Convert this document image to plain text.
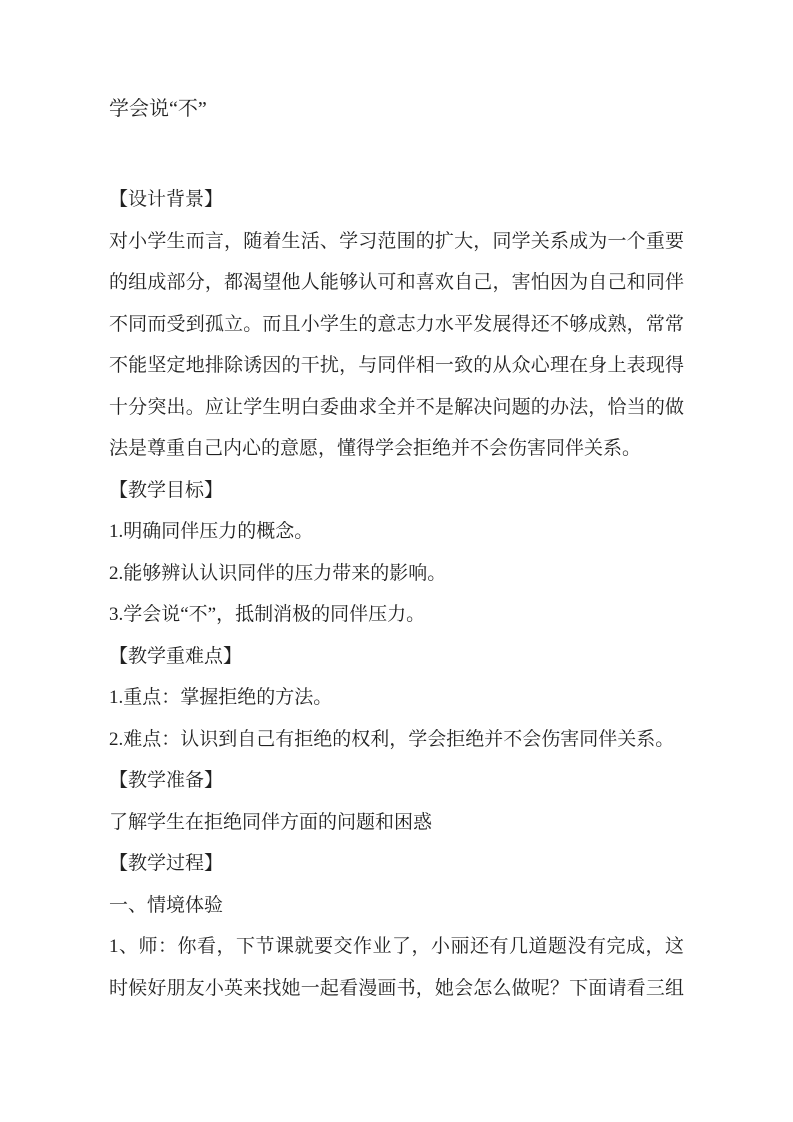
学会说“不”
【设计背景】
对小学生而言，随着生活、学习范围的扩大，同学关系成为一个重要
的组成部分，都渴望他人能够认可和喜欢自己，害怕因为自己和同伴
不同而受到孤立。而且小学生的意志力水平发展得还不够成熟，常常
不能坚定地排除诱因的干扰，与同伴相一致的从众心理在身上表现得
十分突出。应让学生明白委曲求全并不是解决问题的办法，恰当的做
法是尊重自己内心的意愿，懂得学会拒绝并不会伤害同伴关系。
【教学目标】
1.明确同伴压力的概念。
2.能够辨认认识同伴的压力带来的影响。
3.学会说“不”，抵制消极的同伴压力。
【教学重难点】
1.重点：掌握拒绝的方法。
2.难点：认识到自己有拒绝的权利，学会拒绝并不会伤害同伴关系。
【教学准备】
了解学生在拒绝同伴方面的问题和困惑
【教学过程】
一、情境体验
1、师：你看，下节课就要交作业了，小丽还有几道题没有完成，这
时候好朋友小英来找她一起看漫画书，她会怎么做呢？下面请看三组
